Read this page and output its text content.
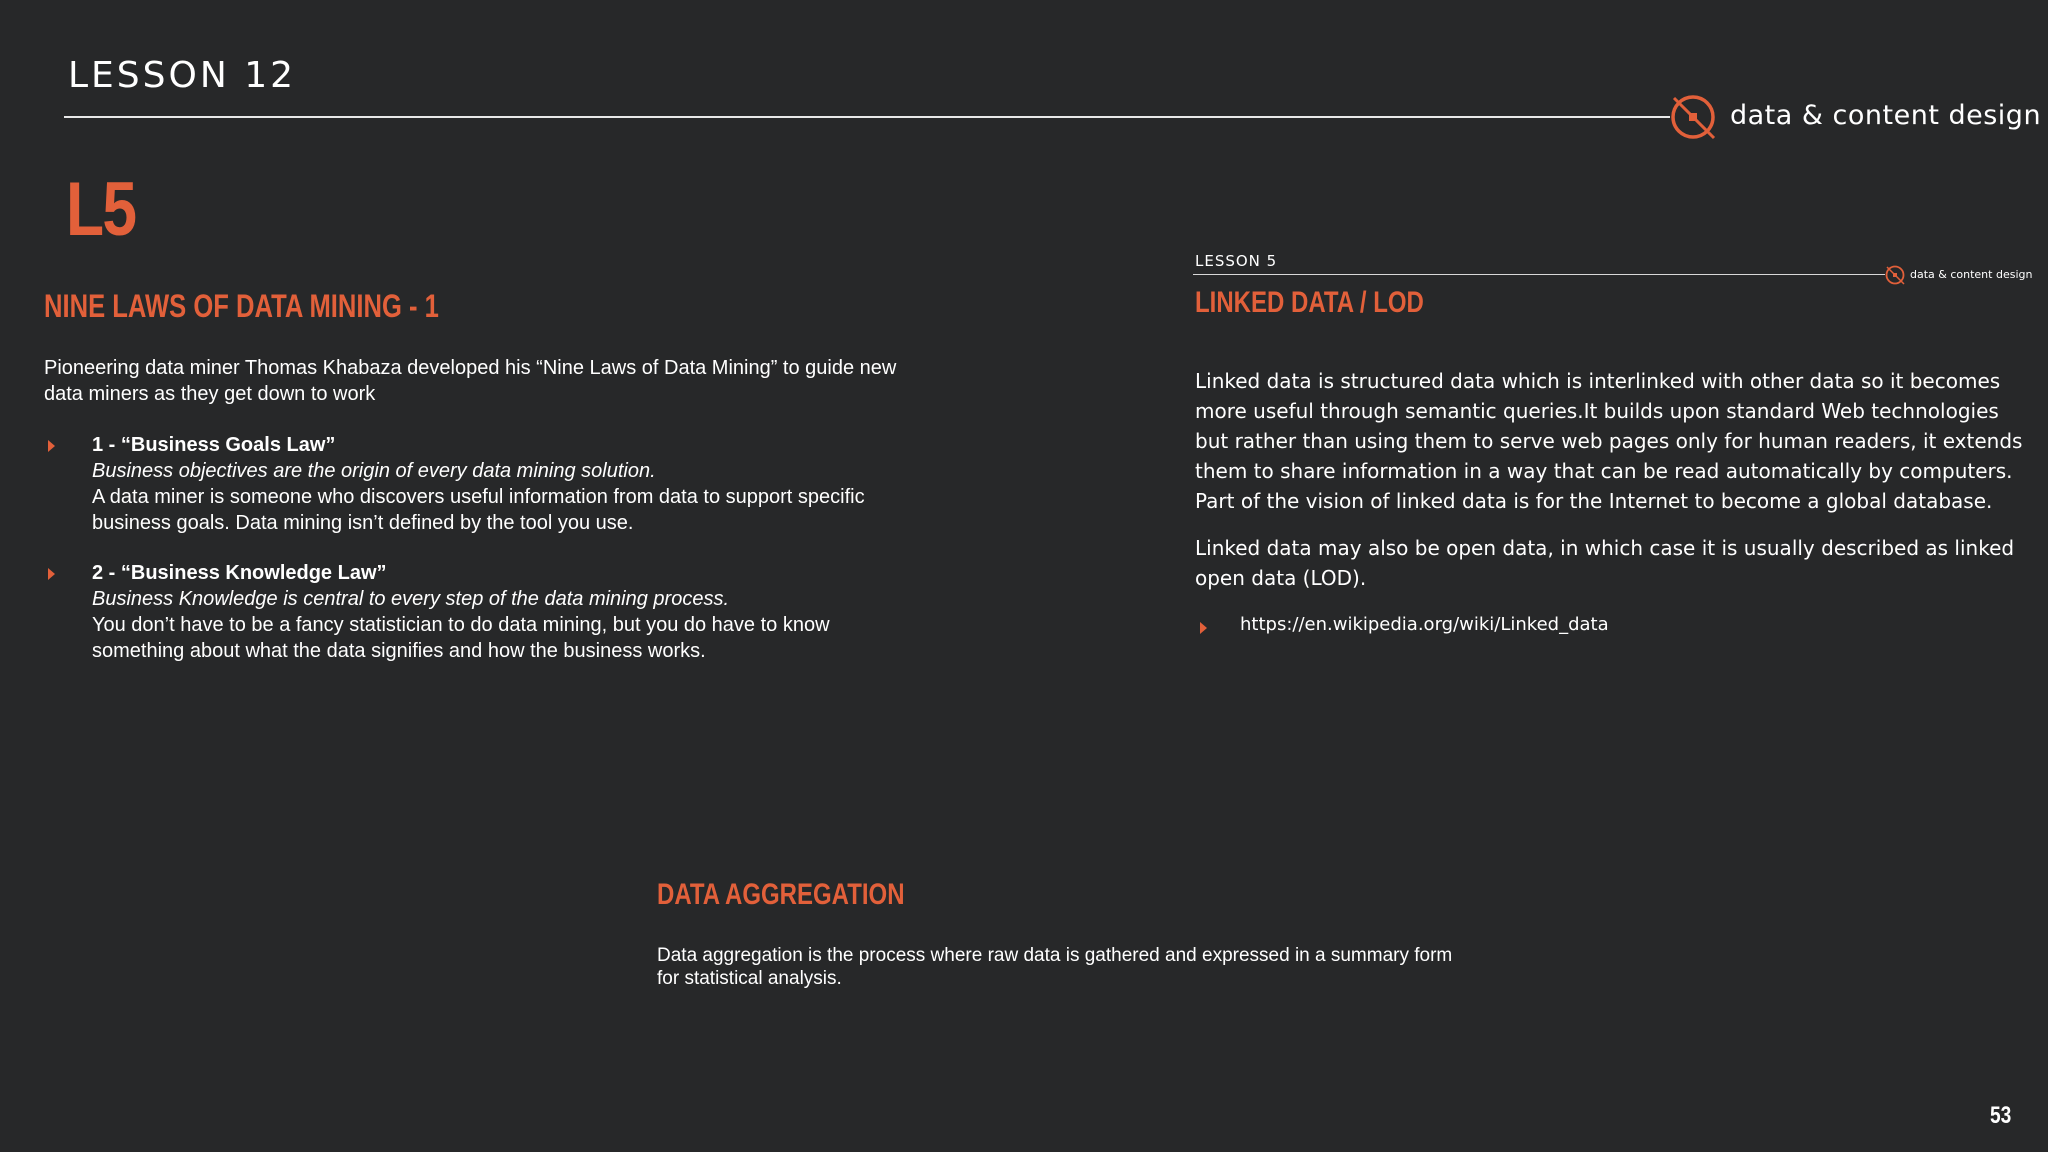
LESSON 12
data & content design
L5
NINE LAWS OF DATA MINING - 1
Pioneering data miner Thomas Khabaza developed his “Nine Laws of Data Mining” to guide new data miners as they get down to work
1 - “Business Goals Law”
Business objectives are the origin of every data mining solution.
A data miner is someone who discovers useful information from data to support specific business goals. Data mining isn’t defined by the tool you use.
2 - “Business Knowledge Law”
Business Knowledge is central to every step of the data mining process.
You don’t have to be a fancy statistician to do data mining, but you do have to know something about what the data signifies and how the business works.
LESSON 5
data & content design
LINKED DATA / LOD

Linked data is structured data which is interlinked with other data so it becomes more useful through semantic queries.It builds upon standard Web technologies but rather than using them to serve web pages only for human readers, it extends them to share information in a way that can be read automatically by computers. Part of the vision of linked data is for the Internet to become a global database.

Linked data may also be open data, in which case it is usually described as linked open data (LOD).

https://en.wikipedia.org/wiki/Linked_data
DATA AGGREGATION
Data aggregation is the process where raw data is gathered and expressed in a summary form for statistical analysis.
53
